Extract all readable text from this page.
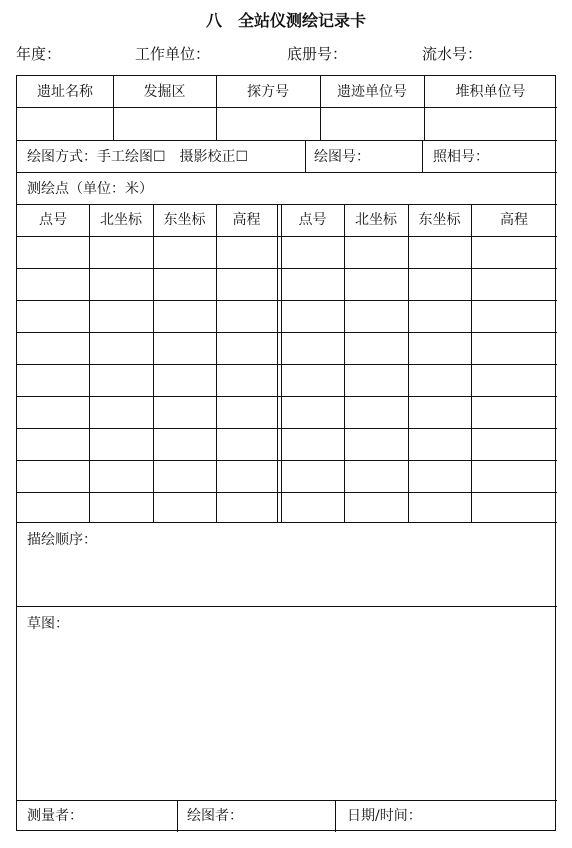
八　全站仪测绘记录卡
年度：	工作单位：	底册号：	流水号：
遗址名称	发掘区	探方号	遗迹单位号	堆积单位号
绘图方式：手工绘图☐　摄影校正☐	绘图号：	照相号：
测绘点（单位：米）
点号	北坐标	东坐标	高程	点号	北坐标	东坐标	高程
描绘顺序：
草图：
测量者：	绘图者：	日期/时间：
